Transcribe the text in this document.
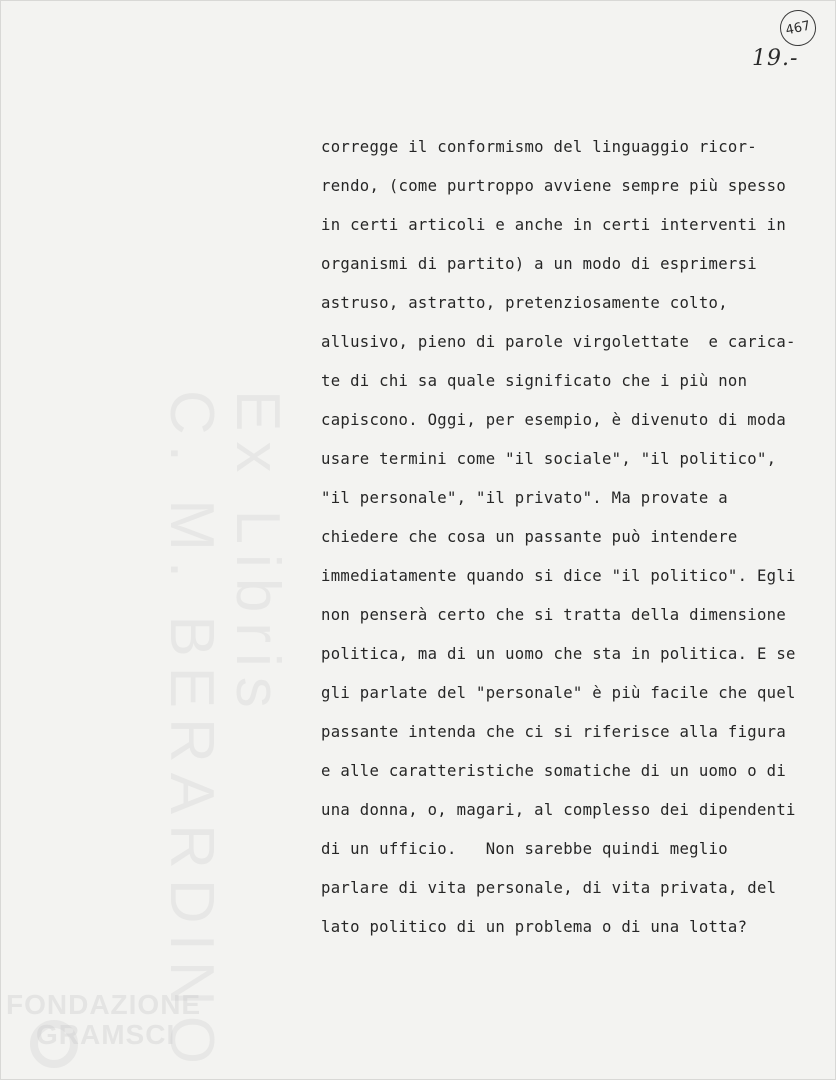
Ex Libris
C. M. BERARDINO
FONDAZIONE
GRAMSCI
467
19.-
corregge il conformismo del linguaggio ricor-
rendo, (come purtroppo avviene sempre più spesso
in certi articoli e anche in certi interventi in
organismi di partito) a un modo di esprimersi
astruso, astratto, pretenziosamente colto,
allusivo, pieno di parole virgolettate  e carica-
te di chi sa quale significato che i più non
capiscono. Oggi, per esempio, è divenuto di moda
usare termini come "il sociale", "il politico",
"il personale", "il privato". Ma provate a
chiedere che cosa un passante può intendere
immediatamente quando si dice "il politico". Egli
non penserà certo che si tratta della dimensione
politica, ma di un uomo che sta in politica. E se
gli parlate del "personale" è più facile che quel
passante intenda che ci si riferisce alla figura
e alle caratteristiche somatiche di un uomo o di
una donna, o, magari, al complesso dei dipendenti
di un ufficio.   Non sarebbe quindi meglio
parlare di vita personale, di vita privata, del
lato politico di un problema o di una lotta?
